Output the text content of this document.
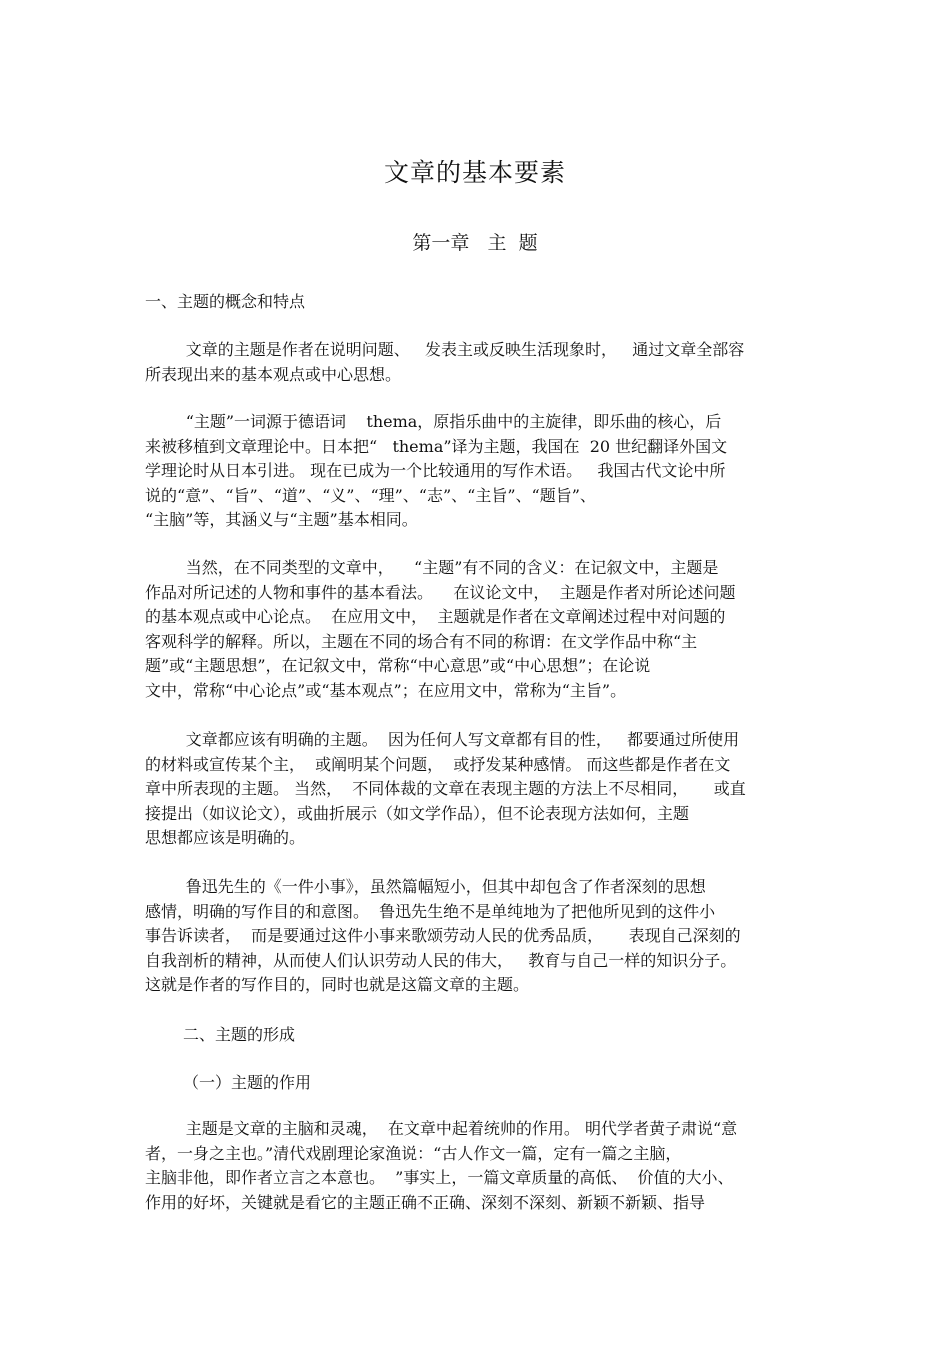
文章的基本要素
第一章   主  题
一、主题的概念和特点
文章的主题是作者在说明问题、   发表主或反映生活现象时，   通过文章全部容
所表现出来的基本观点或中心思想。
“主题”一词源于德语词    thema，原指乐曲中的主旋律，即乐曲的核心，后
来被移植到文章理论中。日本把“   thema”译为主题，我国在  20 世纪翻译外国文
学理论时从日本引进。 现在已成为一个比较通用的写作术语。   我国古代文论中所
说的“意”、“旨”、“道”、“义”、“理”、“志”、“主旨”、“题旨”、
“主脑”等，其涵义与“主题”基本相同。
当然，在不同类型的文章中，    “主题”有不同的含义：在记叙文中，主题是
作品对所记述的人物和事件的基本看法。    在议论文中，  主题是作者对所论述问题
的基本观点或中心论点。  在应用文中，  主题就是作者在文章阐述过程中对问题的
客观科学的解释。所以，主题在不同的场合有不同的称谓：在文学作品中称“主
题”或“主题思想”，在记叙文中，常称“中心意思”或“中心思想”；在论说
文中，常称“中心论点”或“基本观点”；在应用文中，常称为“主旨”。
文章都应该有明确的主题。  因为任何人写文章都有目的性，   都要通过所使用
的材料或宣传某个主，  或阐明某个问题，  或抒发某种感情。 而这些都是作者在文
章中所表现的主题。 当然，  不同体裁的文章在表现主题的方法上不尽相同，     或直
接提出（如议论文），或曲折展示（如文学作品），但不论表现方法如何，主题
思想都应该是明确的。
鲁迅先生的《一件小事》，虽然篇幅短小，但其中却包含了作者深刻的思想
感情，明确的写作目的和意图。  鲁迅先生绝不是单纯地为了把他所见到的这件小
事告诉读者，  而是要通过这件小事来歌颂劳动人民的优秀品质，     表现自己深刻的
自我剖析的精神，从而使人们认识劳动人民的伟大，   教育与自己一样的知识分子。
这就是作者的写作目的，同时也就是这篇文章的主题。
二、主题的形成
（一）主题的作用
主题是文章的主脑和灵魂，  在文章中起着统帅的作用。 明代学者黄子肃说“意
者，一身之主也。”清代戏剧理论家渔说：“古人作文一篇，定有一篇之主脑，
主脑非他，即作者立言之本意也。  ”事实上，一篇文章质量的高低、  价值的大小、
作用的好坏，关键就是看它的主题正确不正确、深刻不深刻、新颖不新颖、指导
